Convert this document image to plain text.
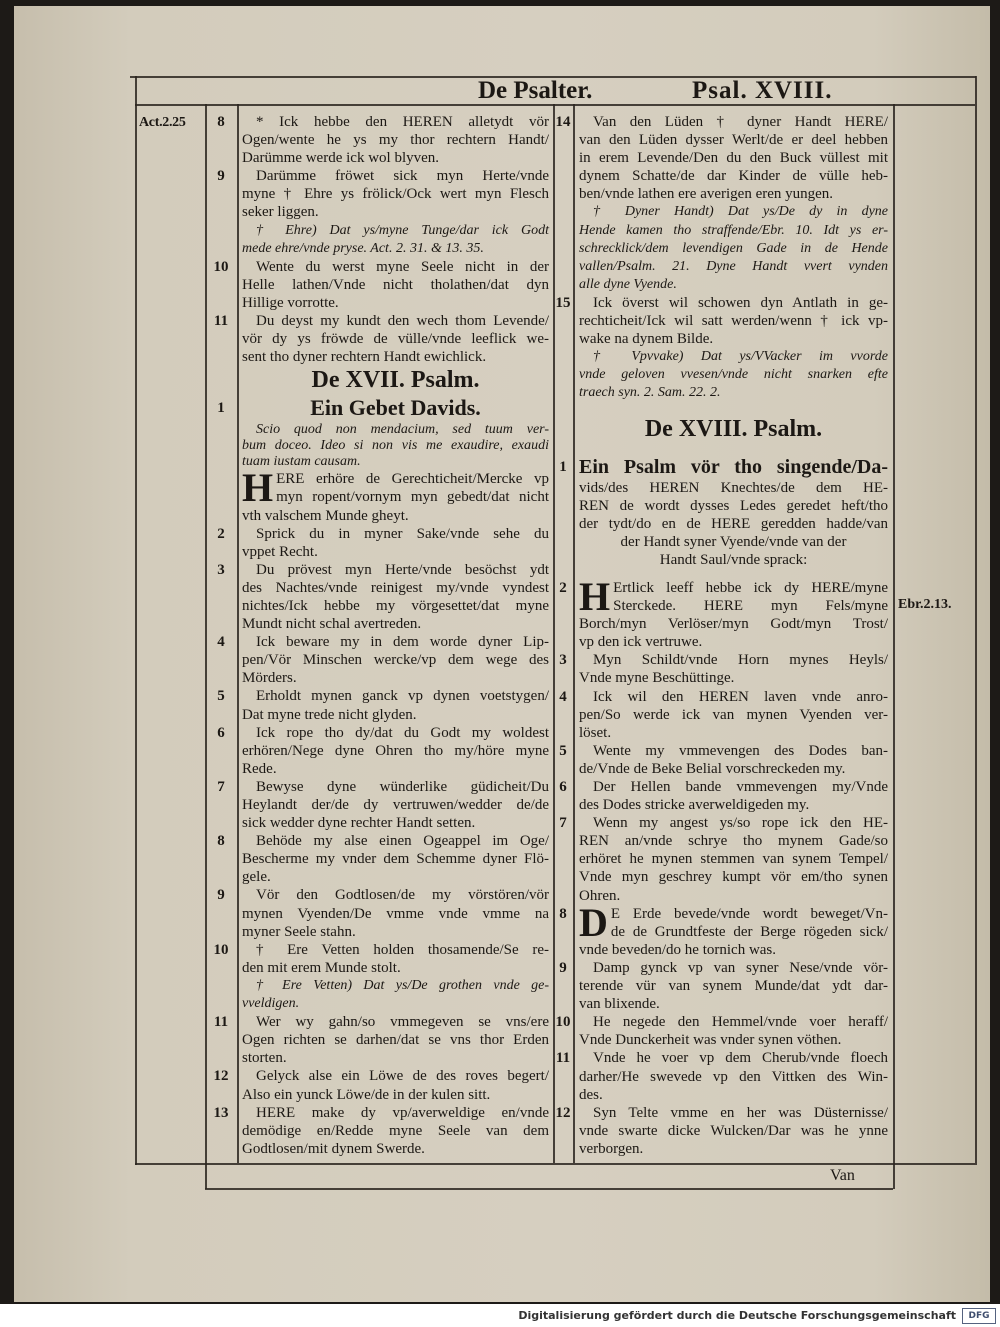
De Psalter.	Psal. XVIII.
Act.2.25
Ebr.2.13.
8	* Ick hebbe den HEREN alletydt vör
Ogen/wente he ys my thor rechtern Handt/
Darümme werde ick wol blyven.
9	Darümme fröwet sick myn Herte/vnde
myne † Ehre ys frölick/Ock wert myn Flesch
seker liggen.
† Ehre) Dat ys/myne Tunge/dar ick Godt
mede ehre/vnde pryse. Act. 2. 31. & 13. 35.
10	Wente du werst myne Seele nicht in der
Helle lathen/Vnde nicht tholathen/dat dyn
Hillige vorrotte.
11	Du deyst my kundt den wech thom Levende/
vör dy ys fröwde de vülle/vnde leeflick we-
sent tho dyner rechtern Handt ewichlick.
De XVII. Psalm.
1	Ein Gebet Davids.
Scio quod non mendacium, sed tuum ver-
bum doceo. Ideo si non vis me exaudire, exaudi
tuam iustam causam.
H ERE erhöre de Gerechticheit/Mercke vp
myn ropent/vornym myn gebedt/dat nicht
vth valschem Munde gheyt.
2	Sprick du in myner Sake/vnde sehe du
vppet Recht.
3	Du prövest myn Herte/vnde besöchst ydt
des Nachtes/vnde reinigest my/vnde vyndest
nichtes/Ick hebbe my vörgesettet/dat myne
Mundt nicht schal avertreden.
4	Ick beware my in dem worde dyner Lip-
pen/Vör Minschen wercke/vp dem wege des
Mörders.
5	Erholdt mynen ganck vp dynen voetstygen/
Dat myne trede nicht glyden.
6	Ick rope tho dy/dat du Godt my woldest
erhören/Nege dyne Ohren tho my/höre myne
Rede.
7	Bewyse dyne wünderlike güdicheit/Du
Heylandt der/de dy vertruwen/wedder de/de
sick wedder dyne rechter Handt setten.
8	Behöde my alse einen Ogeappel im Oge/
Bescherme my vnder dem Schemme dyner Flö-
gele.
9	Vör den Godtlosen/de my vörstören/vör
mynen Vyenden/De vmme vnde vmme na
myner Seele stahn.
10	† Ere Vetten holden thosamende/Se re-
den mit erem Munde stolt.
† Ere Vetten) Dat ys/De grothen vnde ge-
vveldigen.
11	Wer wy gahn/so vmmegeven se vns/ere
Ogen richten se darhen/dat se vns thor Erden
storten.
12	Gelyck alse ein Löwe de des roves begert/
Also ein yunck Löwe/de in der kulen sitt.
13	HERE make dy vp/averweldige en/vnde
demödige en/Redde myne Seele van dem
Godtlosen/mit dynem Swerde.
14	Van den Lüden † dyner Handt HERE/
van den Lüden dysser Werlt/de er deel hebben
in erem Levende/Den du den Buck vüllest mit
dynem Schatte/de dar Kinder de vülle heb-
ben/vnde lathen ere averigen eren yungen.
† Dyner Handt) Dat ys/De dy in dyne
Hende kamen tho straffende/Ebr. 10. Idt ys er-
schrecklick/dem levendigen Gade in de Hende
vallen/Psalm. 21. Dyne Handt vvert vynden
alle dyne Vyende.
15	Ick överst wil schowen dyn Antlath in ge-
rechticheit/Ick wil satt werden/wenn † ick vp-
wake na dynem Bilde.
† Vpvvake) Dat ys/VVacker im vvorde
vnde geloven vvesen/vnde nicht snarken efte
traech syn. 2. Sam. 22. 2.
De XVIII. Psalm.
1 Ein Psalm vör tho singende/Da-
vids/des HEREN Knechtes/de dem HE-
REN de wordt dysses Ledes geredet heft/tho
der tydt/do en de HERE geredden hadde/van
der Handt syner Vyende/vnde van der
Handt Saul/vnde sprack:
2 H Ertlick leeff hebbe ick dy HERE/myne
Sterckede. HERE myn Fels/myne
Borch/myn Verlöser/myn Godt/myn Trost/
vp den ick vertruwe.
3	Myn Schildt/vnde Horn mynes Heyls/
Vnde myne Beschüttinge.
4	Ick wil den HEREN laven vnde anro-
pen/So werde ick van mynen Vyenden ver-
löset.
5	Wente my vmmevengen des Dodes ban-
de/Vnde de Beke Belial vorschreckeden my.
6	Der Hellen bande vmmevengen my/Vnde
des Dodes stricke averweldigeden my.
7	Wenn my angest ys/so rope ick den HE-
REN an/vnde schrye tho mynem Gade/so
erhöret he mynen stemmen van synem Tempel/
Vnde myn geschrey kumpt vör em/tho synen
Ohren.
8 D E Erde bevede/vnde wordt beweget/Vn-
de de Grundtfeste der Berge rögeden sick/
vnde beveden/do he tornich was.
9	Damp gynck vp van syner Nese/vnde vör-
terende vür van synem Munde/dat ydt dar-
van blixende.
10	He negede den Hemmel/vnde voer heraff/
Vnde Dunckerheit was vnder synen vöthen.
11	Vnde he voer vp dem Cherub/vnde floech
darher/He swevede vp den Vittken des Win-
des.
12	Syn Telte vmme en her was Düsternisse/
vnde swarte dicke Wulcken/Dar was he ynne
verborgen.
Van
Digitalisierung gefördert durch die Deutsche Forschungsgemeinschaft	DFG
